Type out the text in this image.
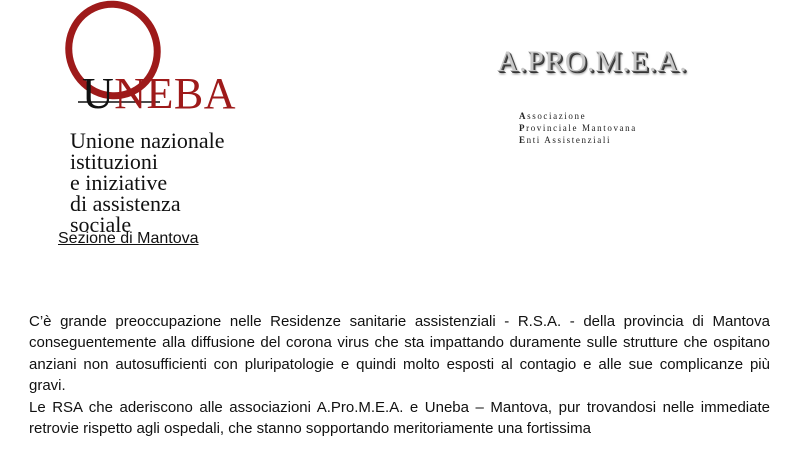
UNEBA
Unione nazionale
istituzioni
e iniziative
di assistenza
sociale
Sezione di Mantova
A.PRO.M.E.A.
Associazione
Provinciale Mantovana
Enti Assistenziali

C’è grande preoccupazione nelle Residenze sanitarie assistenziali - R.S.A. - della provincia di Mantova conseguentemente alla diffusione del corona virus che sta impattando duramente sulle strutture che ospitano anziani non autosufficienti con pluripatologie e quindi molto esposti al contagio e alle sue complicanze più gravi.

Le RSA che aderiscono alle associazioni A.Pro.M.E.A. e Uneba – Mantova, pur trovandosi nelle immediate retrovie rispetto agli ospedali, che stanno sopportando meritoriamente una fortissima
